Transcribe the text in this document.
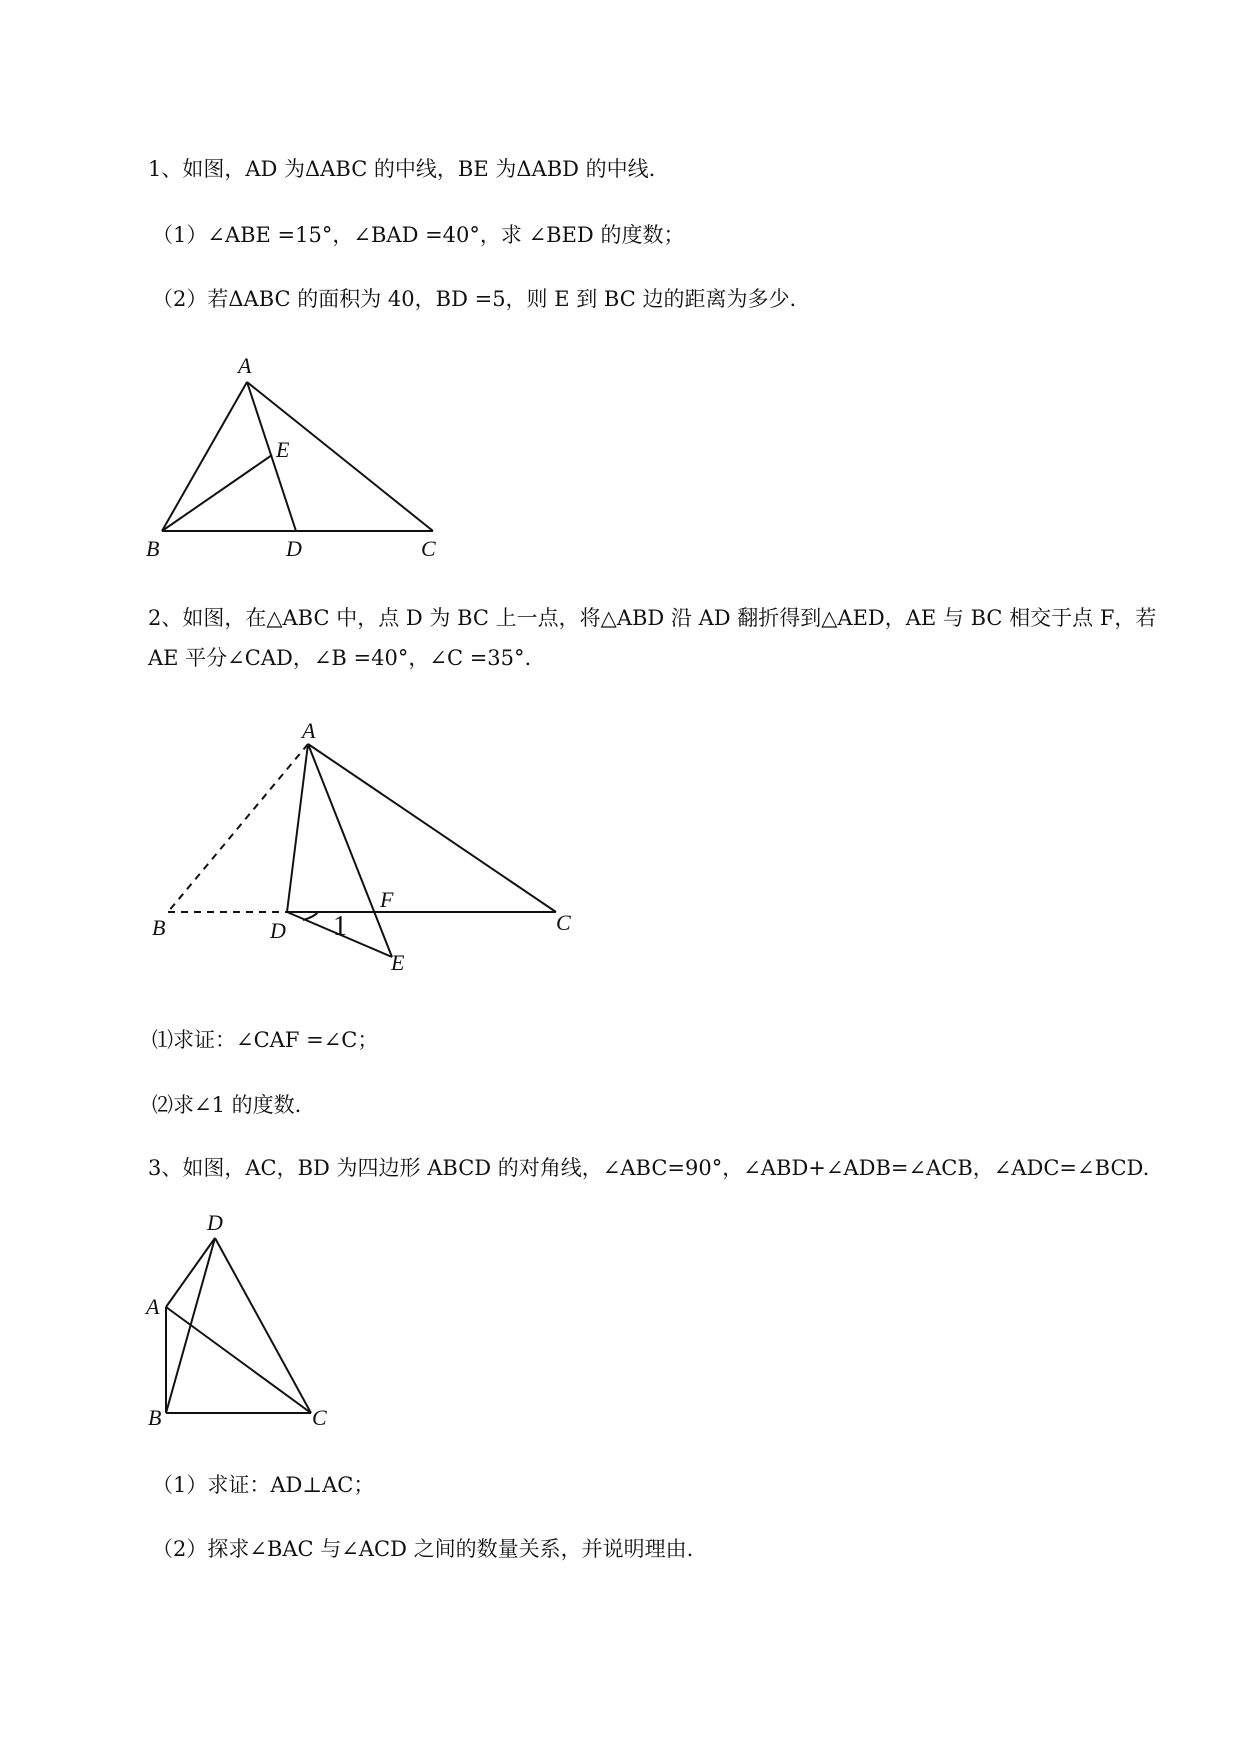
1、如图，AD 为ΔABC 的中线，BE 为ΔABD 的中线.
（1）∠ABE =15°，∠BAD =40°，求 ∠BED 的度数；
（2）若ΔABC 的面积为 40，BD =5，则 E 到 BC 边的距离为多少.
A
E
B	D	C
2、如图，在△ABC 中，点 D 为 BC 上一点，将△ABD 沿 AD 翻折得到△AED，AE 与 BC 相交于点 F，若
AE 平分∠CAD，∠B =40°，∠C =35°.
A
F
B	D 1	C
E
⑴求证：∠CAF =∠C；
⑵求∠1 的度数.
3、如图，AC，BD 为四边形 ABCD 的对角线，∠ABC=90°，∠ABD+∠ADB=∠ACB，∠ADC=∠BCD.
D
A
B	C
（1）求证：AD⊥AC；
（2）探求∠BAC 与∠ACD 之间的数量关系，并说明理由.
